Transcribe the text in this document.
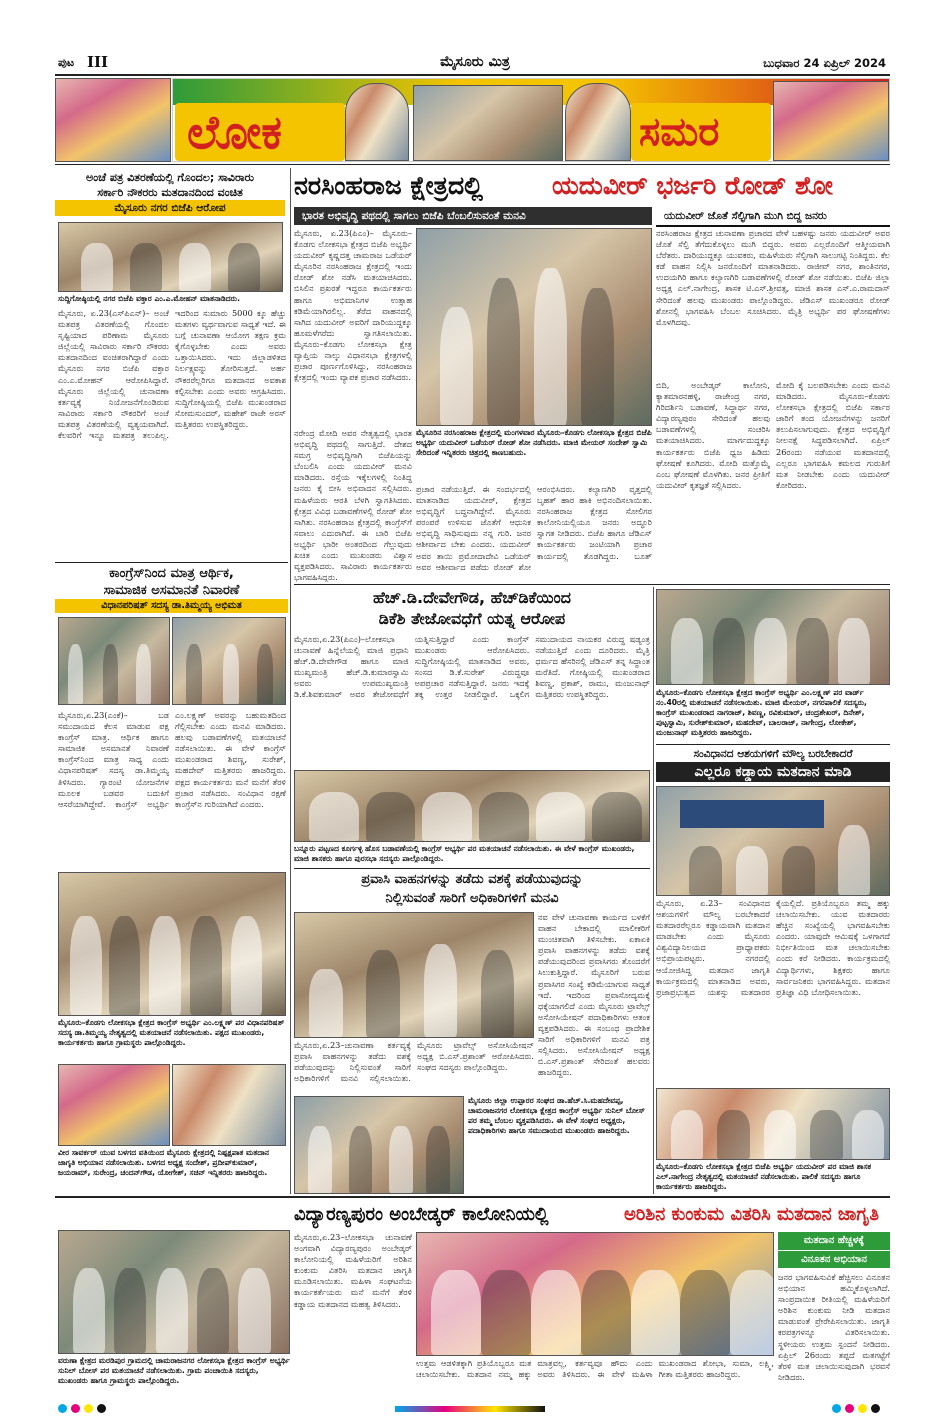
ಪುಟ III	ಮೈಸೂರು ಮಿತ್ರ	ಬುಧವಾರ 24 ಏಪ್ರಿಲ್ 2024
ಲೋಕ	ಸಮರ
ಅಂಚೆ ಪತ್ರ ವಿತರಣೆಯಲ್ಲಿ ಗೊಂದಲ; ಸಾವಿರಾರು
ಸರ್ಕಾರಿ ನೌಕರರು ಮತದಾನದಿಂದ ವಂಚಿತ
ಮೈಸೂರು ನಗರ ಬಿಜೆಪಿ ಆರೋಪ
ಸುದ್ದಿಗೋಷ್ಠಿಯಲ್ಲಿ ನಗರ ಬಿಜೆಪಿ ವಕ್ತಾರ ಎಂ.ಎ.ಮೋಹನ್ ಮಾತನಾಡಿದರು.
ಮೈಸೂರು, ಏ.23(ಎಸ್‌ಪಿಎನ್)– ಅಂಚೆ ಮತಪತ್ರ ವಿತರಣೆಯಲ್ಲಿ ಗೊಂದಲ ಸೃಷ್ಟಿಯಾದ ಪರಿಣಾಮ ಮೈಸೂರು ಜಿಲ್ಲೆಯಲ್ಲಿ ಸಾವಿರಾರು ಸರ್ಕಾರಿ ನೌಕರರು ಮತದಾನದಿಂದ ವಂಚಿತರಾಗಿದ್ದಾರೆ ಎಂದು ಮೈಸೂರು ನಗರ ಬಿಜೆಪಿ ವಕ್ತಾರ ಎಂ.ಎ.ಮೋಹನ್ ಆರೋಪಿಸಿದ್ದಾರೆ. ಮೈಸೂರು ಜಿಲ್ಲೆಯಲ್ಲಿ ಚುನಾವಣಾ ಕರ್ತವ್ಯಕ್ಕೆ ನಿಯೋಜನೆಗೊಂಡಿರುವ ಸಾವಿರಾರು ಸರ್ಕಾರಿ ನೌಕರರಿಗೆ ಅಂಚೆ ಮತಪತ್ರ ವಿತರಣೆಯಲ್ಲಿ ವ್ಯತ್ಯಯವಾಗಿದೆ. ಕೆಲವರಿಗೆ ಇನ್ನೂ ಮತಪತ್ರ ತಲುಪಿಲ್ಲ. ಇದರಿಂದ ಸುಮಾರು 5000 ಕ್ಕೂ ಹೆಚ್ಚು ಮತಗಳು ವ್ಯರ್ಥವಾಗುವ ಸಾಧ್ಯತೆ ಇದೆ. ಈ ಬಗ್ಗೆ ಚುನಾವಣಾ ಆಯೋಗ ತಕ್ಷಣ ಕ್ರಮ ಕೈಗೊಳ್ಳಬೇಕು ಎಂದು ಅವರು ಒತ್ತಾಯಿಸಿದರು. ಇದು ಜಿಲ್ಲಾಡಳಿತದ ನಿರ್ಲಕ್ಷ್ಯವನ್ನು ತೋರಿಸುತ್ತದೆ. ಅರ್ಹ ನೌಕರರೆಲ್ಲರಿಗೂ ಮತದಾನದ ಅವಕಾಶ ಕಲ್ಪಿಸಬೇಕು ಎಂದು ಅವರು ಆಗ್ರಹಿಸಿದರು. ಸುದ್ದಿಗೋಷ್ಠಿಯಲ್ಲಿ ಬಿಜೆಪಿ ಮುಖಂಡರಾದ ಸೋಮಸುಂದರ್, ಮಹೇಶ್ ರಾಜೇ ಅರಸ್ ಮತ್ತಿತರರು ಉಪಸ್ಥಿತರಿದ್ದರು.
ಕಾಂಗ್ರೆಸ್‌ನಿಂದ ಮಾತ್ರ ಆರ್ಥಿಕ,
ಸಾಮಾಜಿಕ ಅಸಮಾನತೆ ನಿವಾರಣೆ
ವಿಧಾನಪರಿಷತ್ ಸದಸ್ಯ ಡಾ.ತಿಮ್ಮಯ್ಯ ಅಭಿಮತ
ಮೈಸೂರು,ಏ.23(ಎಂಕೆ)– ಬಡ ಸಮುದಾಯದ ಕೆಲಸ ಮಾಡುವ ಪಕ್ಷ ಕಾಂಗ್ರೆಸ್ ಮಾತ್ರ. ಆರ್ಥಿಕ ಹಾಗೂ ಸಾಮಾಜಿಕ ಅಸಮಾನತೆ ನಿವಾರಣೆ ಕಾಂಗ್ರೆಸ್‌ನಿಂದ ಮಾತ್ರ ಸಾಧ್ಯ ಎಂದು ವಿಧಾನಪರಿಷತ್ ಸದಸ್ಯ ಡಾ.ತಿಮ್ಮಯ್ಯ ತಿಳಿಸಿದರು. ಗ್ಯಾರಂಟಿ ಯೋಜನೆಗಳ ಮೂಲಕ ಬಡವರ ಬದುಕಿಗೆ ಆಸರೆಯಾಗಿದ್ದೇವೆ. ಕಾಂಗ್ರೆಸ್ ಅಭ್ಯರ್ಥಿ ಎಂ.ಲಕ್ಷ್ಮಣ್ ಅವರನ್ನು ಬಹುಮತದಿಂದ ಗೆಲ್ಲಿಸಬೇಕು ಎಂದು ಮನವಿ ಮಾಡಿದರು. ಹಲವು ಬಡಾವಣೆಗಳಲ್ಲಿ ಮತಯಾಚನೆ ನಡೆಸಲಾಯಿತು. ಈ ವೇಳೆ ಕಾಂಗ್ರೆಸ್ ಮುಖಂಡರಾದ ಶಿವಣ್ಣ, ಸುರೇಶ್, ಮಹದೇವ್ ಮತ್ತಿತರರು ಹಾಜರಿದ್ದರು. ಪಕ್ಷದ ಕಾರ್ಯಕರ್ತರು ಮನೆ ಮನೆಗೆ ತೆರಳಿ ಪ್ರಚಾರ ನಡೆಸಿದರು. ಸಂವಿಧಾನ ರಕ್ಷಣೆ ಕಾಂಗ್ರೆಸ್‌ನ ಗುರಿಯಾಗಿದೆ ಎಂದರು.
ಮೈಸೂರು–ಕೊಡಗು ಲೋಕಸಭಾ ಕ್ಷೇತ್ರದ ಕಾಂಗ್ರೆಸ್ ಅಭ್ಯರ್ಥಿ ಎಂ.ಲಕ್ಷ್ಮಣ್ ಪರ ವಿಧಾನಪರಿಷತ್ ಸದಸ್ಯ ಡಾ.ತಿಮ್ಮಯ್ಯ ನೇತೃತ್ವದಲ್ಲಿ ಮತಯಾಚನೆ ನಡೆಸಲಾಯಿತು. ಪಕ್ಷದ ಮುಖಂಡರು, ಕಾರ್ಯಕರ್ತರು ಹಾಗೂ ಗ್ರಾಮಸ್ಥರು ಪಾಲ್ಗೊಂಡಿದ್ದರು.
ವೀರ ಸಾವರ್ಕರ್ ಯುವ ಬಳಗದ ವತಿಯಿಂದ ಮೈಸೂರು ಕ್ಷೇತ್ರದಲ್ಲಿ ನಿಷ್ಪಕ್ಷಪಾತ ಮತದಾನ ಜಾಗೃತಿ ಅಭಿಯಾನ ನಡೆಸಲಾಯಿತು. ಬಳಗದ ಅಧ್ಯಕ್ಷ ಸಂದೇಶ್, ಪ್ರದೀಪ್‌ಕುಮಾರ್, ಜಯರಾಮ್, ಸುರೇಂದ್ರ, ಚಂದನ್‌ಗೌಡ, ಯೋಗೇಶ್, ಸಚಿನ್ ಇನ್ನಿತರರು ಹಾಜರಿದ್ದರು.
ನರಸಿಂಹರಾಜ ಕ್ಷೇತ್ರದಲ್ಲಿ	ಯದುವೀರ್ ಭರ್ಜರಿ ರೋಡ್ ಶೋ
ಭಾರತ ಅಭಿವೃದ್ಧಿ ಪಥದಲ್ಲಿ ಸಾಗಲು ಬಿಜೆಪಿ ಬೆಂಬಲಿಸುವಂತೆ ಮನವಿ	ಯದುವೀರ್ ಜೊತೆ ಸೆಲ್ಫಿಗಾಗಿ ಮುಗಿ ಬಿದ್ದ ಜನರು
ಮೈಸೂರು, ಏ.23(ಪಿಎಂ)– ಮೈಸೂರು–ಕೊಡಗು ಲೋಕಸಭಾ ಕ್ಷೇತ್ರದ ಬಿಜೆಪಿ ಅಭ್ಯರ್ಥಿ ಯದುವೀರ್ ಕೃಷ್ಣದತ್ತ ಚಾಮರಾಜ ಒಡೆಯರ್ ಮೈಸೂರಿನ ನರಸಿಂಹರಾಜ ಕ್ಷೇತ್ರದಲ್ಲಿ ಇಂದು ರೋಡ್ ಶೋ ನಡೆಸಿ ಮತಯಾಚಿಸಿದರು. ಬಿಸಿಲಿನ ಪ್ರಖರತೆ ಇದ್ದರೂ ಕಾರ್ಯಕರ್ತರು ಹಾಗೂ ಅಭಿಮಾನಿಗಳ ಉತ್ಸಾಹ ಕಡಿಮೆಯಾಗಿರಲಿಲ್ಲ. ತೆರೆದ ವಾಹನದಲ್ಲಿ ಸಾಗಿದ ಯದುವೀರ್ ಅವರಿಗೆ ದಾರಿಯುದ್ದಕ್ಕೂ ಹೂಮಳೆಗರೆದು ಸ್ವಾಗತಿಸಲಾಯಿತು. ಮೈಸೂರು–ಕೊಡಗು ಲೋಕಸಭಾ ಕ್ಷೇತ್ರ ವ್ಯಾಪ್ತಿಯ ನಾಲ್ಕು ವಿಧಾನಸಭಾ ಕ್ಷೇತ್ರಗಳಲ್ಲಿ ಪ್ರಚಾರ ಪೂರ್ಣಗೊಳಿಸಿದ್ದು, ನರಸಿಂಹರಾಜ ಕ್ಷೇತ್ರದಲ್ಲಿ ಇಂದು ವ್ಯಾಪಕ ಪ್ರಚಾರ ನಡೆಸಿದರು.
ಮೈಸೂರಿನ ನರಸಿಂಹರಾಜ ಕ್ಷೇತ್ರದಲ್ಲಿ ಮಂಗಳವಾರ ಮೈಸೂರು–ಕೊಡಗು ಲೋಕಸಭಾ ಕ್ಷೇತ್ರದ ಬಿಜೆಪಿ ಅಭ್ಯರ್ಥಿ ಯದುವೀರ್ ಒಡೆಯರ್ ರೋಡ್ ಶೋ ನಡೆಸಿದರು. ಮಾಜಿ ಮೇಯರ್ ಸಂದೇಶ್ ಸ್ವಾಮಿ ಸೇರಿದಂತೆ ಇನ್ನಿತರರು ಚಿತ್ರದಲ್ಲಿ ಕಾಣಬಹುದು.
ನರೇಂದ್ರ ಮೋದಿ ಅವರ ನೇತೃತ್ವದಲ್ಲಿ ಭಾರತ ಅಭಿವೃದ್ಧಿ ಪಥದಲ್ಲಿ ಸಾಗುತ್ತಿದೆ. ದೇಶದ ಸಮಗ್ರ ಅಭಿವೃದ್ಧಿಗಾಗಿ ಬಿಜೆಪಿಯನ್ನು ಬೆಂಬಲಿಸಿ ಎಂದು ಯದುವೀರ್ ಮನವಿ ಮಾಡಿದರು. ರಸ್ತೆಯ ಇಕ್ಕೆಲಗಳಲ್ಲಿ ನಿಂತಿದ್ದ ಜನರು ಕೈ ಬೀಸಿ ಅಭಿವಾದನ ಸಲ್ಲಿಸಿದರು. ಮಹಿಳೆಯರು ಆರತಿ ಬೆಳಗಿ ಸ್ವಾಗತಿಸಿದರು. ಕ್ಷೇತ್ರದ ವಿವಿಧ ಬಡಾವಣೆಗಳಲ್ಲಿ ರೋಡ್ ಶೋ ಸಾಗಿತು. ನರಸಿಂಹರಾಜ ಕ್ಷೇತ್ರದಲ್ಲಿ ಕಾಂಗ್ರೆಸ್‌ಗೆ ಸವಾಲು ಎದುರಾಗಿದೆ. ಈ ಬಾರಿ ಬಿಜೆಪಿ ಅಭ್ಯರ್ಥಿ ಭಾರೀ ಅಂತರದಿಂದ ಗೆಲ್ಲುವುದು ಖಚಿತ ಎಂದು ಮುಖಂಡರು ವಿಶ್ವಾಸ ವ್ಯಕ್ತಪಡಿಸಿದರು. ಸಾವಿರಾರು ಕಾರ್ಯಕರ್ತರು ಭಾಗವಹಿಸಿದ್ದರು.
ಪ್ರಚಾರ ನಡೆಯುತ್ತಿದೆ. ಈ ಸಂದರ್ಭದಲ್ಲಿ ಮಾತನಾಡಿದ ಯದುವೀರ್, ಕ್ಷೇತ್ರದ ಅಭಿವೃದ್ಧಿಗೆ ಬದ್ಧನಾಗಿದ್ದೇನೆ. ಮೈಸೂರು ಪರಂಪರೆ ಉಳಿಸುವ ಜೊತೆಗೆ ಆಧುನಿಕ ಅಭಿವೃದ್ಧಿ ಸಾಧಿಸುವುದು ನನ್ನ ಗುರಿ. ಜನರ ಆಶೀರ್ವಾದ ಬೇಕು ಎಂದರು. ಯದುವೀರ್ ಅವರ ತಾಯಿ ಪ್ರಮೋದಾದೇವಿ ಒಡೆಯರ್ ಅವರ ಆಶೀರ್ವಾದ ಪಡೆದು ರೋಡ್ ಶೋ ಆರಂಭಿಸಿದರು. ಕಲ್ಯಾಣಗಿರಿ ವೃತ್ತದಲ್ಲಿ ಬೃಹತ್ ಹಾರ ಹಾಕಿ ಅಭಿನಂದಿಸಲಾಯಿತು. ನರಸಿಂಹರಾಜ ಕ್ಷೇತ್ರದ ಸೋಲಿಗರ ಕಾಲೋನಿಯಲ್ಲಿಯೂ ಜನರು ಅದ್ಧೂರಿ ಸ್ವಾಗತ ನೀಡಿದರು. ಬಿಜೆಪಿ ಹಾಗೂ ಜೆಡಿಎಸ್ ಕಾರ್ಯಕರ್ತರು ಜಂಟಿಯಾಗಿ ಪ್ರಚಾರ ಕಾರ್ಯದಲ್ಲಿ ತೊಡಗಿದ್ದರು. ಬೂತ್
ನರಸಿಂಹರಾಜ ಕ್ಷೇತ್ರದ ಚುನಾವಣಾ ಪ್ರಚಾರದ ವೇಳೆ ಬಹಳಷ್ಟು ಜನರು ಯದುವೀರ್ ಅವರ ಜೊತೆ ಸೆಲ್ಫಿ ತೆಗೆದುಕೊಳ್ಳಲು ಮುಗಿ ಬಿದ್ದರು. ಅವರು ಎಲ್ಲರೊಂದಿಗೆ ಆತ್ಮೀಯವಾಗಿ ಬೆರೆತರು. ದಾರಿಯುದ್ದಕ್ಕೂ ಯುವಕರು, ಮಹಿಳೆಯರು ಸೆಲ್ಫಿಗಾಗಿ ಸಾಲುಗಟ್ಟಿ ನಿಂತಿದ್ದರು. ಕೆಲ ಕಡೆ ವಾಹನ ನಿಲ್ಲಿಸಿ ಜನರೊಂದಿಗೆ ಮಾತನಾಡಿದರು. ರಾಜೀವ್ ನಗರ, ಶಾಂತಿನಗರ, ಉದಯಗಿರಿ ಹಾಗೂ ಕಲ್ಯಾಣಗಿರಿ ಬಡಾವಣೆಗಳಲ್ಲಿ ರೋಡ್ ಶೋ ನಡೆಯಿತು. ಬಿಜೆಪಿ ಜಿಲ್ಲಾ ಅಧ್ಯಕ್ಷ ಎಲ್.ನಾಗೇಂದ್ರ, ಶಾಸಕ ಟಿ.ಎಸ್.ಶ್ರೀವತ್ಸ, ಮಾಜಿ ಶಾಸಕ ಎಸ್.ಎ.ರಾಮದಾಸ್ ಸೇರಿದಂತೆ ಹಲವು ಮುಖಂಡರು ಪಾಲ್ಗೊಂಡಿದ್ದರು. ಜೆಡಿಎಸ್ ಮುಖಂಡರೂ ರೋಡ್ ಶೋನಲ್ಲಿ ಭಾಗವಹಿಸಿ ಬೆಂಬಲ ಸೂಚಿಸಿದರು. ಮೈತ್ರಿ ಅಭ್ಯರ್ಥಿ ಪರ ಘೋಷಣೆಗಳು ಮೊಳಗಿದವು.
ಬಿದಿ, ಅಂಬೇಡ್ಕರ್ ಕಾಲೋನಿ, ಕ್ಯಾತಮಾರನಹಳ್ಳಿ, ರಾಜೇಂದ್ರ ನಗರ, ಗಿರಿದರ್ಶಿನಿ ಬಡಾವಣೆ, ಸಿದ್ಧಾರ್ಥ ನಗರ, ವಿದ್ಯಾರಣ್ಯಪುರಂ ಸೇರಿದಂತೆ ಹಲವು ಬಡಾವಣೆಗಳಲ್ಲಿ ಸಂಚರಿಸಿ ಮತಯಾಚಿಸಿದರು. ಮಾರ್ಗದುದ್ದಕ್ಕೂ ಕಾರ್ಯಕರ್ತರು ಬಿಜೆಪಿ ಧ್ವಜ ಹಿಡಿದು ಘೋಷಣೆ ಕೂಗಿದರು. ಮೋದಿ ಮತ್ತೊಮ್ಮೆ ಎಂಬ ಘೋಷಣೆ ಮೊಳಗಿತು. ಜನರ ಪ್ರೀತಿಗೆ ಯದುವೀರ್ ಕೃತಜ್ಞತೆ ಸಲ್ಲಿಸಿದರು.
ಮೋದಿ ಕೈ ಬಲಪಡಿಸಬೇಕು ಎಂದು ಮನವಿ ಮಾಡಿದರು. ಮೈಸೂರು–ಕೊಡಗು ಲೋಕಸಭಾ ಕ್ಷೇತ್ರದಲ್ಲಿ ಬಿಜೆಪಿ ಸರ್ಕಾರ ಜಾರಿಗೆ ತಂದ ಯೋಜನೆಗಳನ್ನು ಜನರಿಗೆ ತಲುಪಿಸಲಾಗುವುದು. ಕ್ಷೇತ್ರದ ಅಭಿವೃದ್ಧಿಗೆ ನೀಲನಕ್ಷೆ ಸಿದ್ಧಪಡಿಸಲಾಗಿದೆ. ಏಪ್ರಿಲ್ 26ರಂದು ನಡೆಯುವ ಮತದಾನದಲ್ಲಿ ಎಲ್ಲರೂ ಭಾಗವಹಿಸಿ ಕಮಲದ ಗುರುತಿಗೆ ಮತ ನೀಡಬೇಕು ಎಂದು ಯದುವೀರ್ ಕೋರಿದರು.
ಹೆಚ್.ಡಿ.ದೇವೇಗೌಡ, ಹೆಚ್‌ಡಿಕೆಯಿಂದ
ಡಿಕೆಶಿ ತೇಜೋವಧೆಗೆ ಯತ್ನ ಆರೋಪ
ಮೈಸೂರು,ಏ.23(ಪಿಎಂ)–ಲೋಕಸಭಾ ಚುನಾವಣೆ ಹಿನ್ನೆಲೆಯಲ್ಲಿ ಮಾಜಿ ಪ್ರಧಾನಿ ಹೆಚ್.ಡಿ.ದೇವೇಗೌಡ ಹಾಗೂ ಮಾಜಿ ಮುಖ್ಯಮಂತ್ರಿ ಹೆಚ್.ಡಿ.ಕುಮಾರಸ್ವಾಮಿ ಅವರು ಉಪಮುಖ್ಯಮಂತ್ರಿ ಡಿ.ಕೆ.ಶಿವಕುಮಾರ್ ಅವರ ತೇಜೋವಧೆಗೆ ಯತ್ನಿಸುತ್ತಿದ್ದಾರೆ ಎಂದು ಕಾಂಗ್ರೆಸ್ ಮುಖಂಡರು ಆರೋಪಿಸಿದರು. ಸುದ್ದಿಗೋಷ್ಠಿಯಲ್ಲಿ ಮಾತನಾಡಿದ ಅವರು, ಸಂಸದ ಡಿ.ಕೆ.ಸುರೇಶ್ ವಿರುದ್ಧವೂ ಅಪಪ್ರಚಾರ ನಡೆಸುತ್ತಿದ್ದಾರೆ. ಜನರು ಇದಕ್ಕೆ ತಕ್ಕ ಉತ್ತರ ನೀಡಲಿದ್ದಾರೆ. ಒಕ್ಕಲಿಗ ಸಮುದಾಯದ ನಾಯಕರ ವಿರುದ್ಧ ಷಡ್ಯಂತ್ರ ನಡೆಯುತ್ತಿದೆ ಎಂದು ದೂರಿದರು. ಮೈತ್ರಿ ಧರ್ಮದ ಹೆಸರಿನಲ್ಲಿ ಜೆಡಿಎಸ್ ತನ್ನ ಸಿದ್ಧಾಂತ ಮರೆತಿದೆ. ಗೋಷ್ಠಿಯಲ್ಲಿ ಮುಖಂಡರಾದ ಶಿವಣ್ಣ, ಪ್ರಕಾಶ್, ರಾಮು, ಮಂಜುನಾಥ್ ಮತ್ತಿತರರು ಉಪಸ್ಥಿತರಿದ್ದರು.
ಬನ್ನೂರು ಪಟ್ಟಣದ ಕೂರ್ಗಳ್ಳಿ ಹೊಸ ಬಡಾವಣೆಯಲ್ಲಿ ಕಾಂಗ್ರೆಸ್ ಅಭ್ಯರ್ಥಿ ಪರ ಮತಯಾಚನೆ ನಡೆಸಲಾಯಿತು. ಈ ವೇಳೆ ಕಾಂಗ್ರೆಸ್ ಮುಖಂಡರು, ಮಾಜಿ ಶಾಸಕರು ಹಾಗೂ ಪುರಸಭಾ ಸದಸ್ಯರು ಪಾಲ್ಗೊಂಡಿದ್ದರು.
ಮೈಸೂರು–ಕೊಡಗು ಲೋಕಸಭಾ ಕ್ಷೇತ್ರದ ಕಾಂಗ್ರೆಸ್ ಅಭ್ಯರ್ಥಿ ಎಂ.ಲಕ್ಷ್ಮಣ್ ಪರ ವಾರ್ಡ್ ನಂ.40ರಲ್ಲಿ ಮತಯಾಚನೆ ನಡೆಸಲಾಯಿತು. ಮಾಜಿ ಮೇಯರ್, ನಗರಪಾಲಿಕೆ ಸದಸ್ಯರು, ಕಾಂಗ್ರೆಸ್ ಮುಖಂಡರಾದ ನಾಗರಾಜ್, ಶಿವಣ್ಣ, ರವಿಕುಮಾರ್, ಚಂದ್ರಶೇಖರ್, ದಿನೇಶ್, ಪುಟ್ಟಸ್ವಾಮಿ, ಸುರೇಶ್‌ಕುಮಾರ್, ಮಹದೇವ್, ಬಾಲರಾಜ್, ನಾಗೇಂದ್ರ, ಲೋಕೇಶ್, ಮಂಜುನಾಥ್ ಮತ್ತಿತರರು ಹಾಜರಿದ್ದರು.
ಸಂವಿಧಾನದ ಆಶಯಗಳಿಗೆ ಮೌಲ್ಯ ಬರಬೇಕಾದರೆ
ಎಲ್ಲರೂ ಕಡ್ಡಾಯ ಮತದಾನ ಮಾಡಿ
ಮೈಸೂರು, ಏ.23– ಸಂವಿಧಾನದ ಆಶಯಗಳಿಗೆ ಮೌಲ್ಯ ಬರಬೇಕಾದರೆ ಮತದಾರರೆಲ್ಲರೂ ಕಡ್ಡಾಯವಾಗಿ ಮತದಾನ ಮಾಡಬೇಕು ಎಂದು ಮೈಸೂರು ವಿಶ್ವವಿದ್ಯಾನಿಲಯದ ಪ್ರಾಧ್ಯಾಪಕರು ಅಭಿಪ್ರಾಯಪಟ್ಟರು. ನಗರದಲ್ಲಿ ಆಯೋಜಿಸಿದ್ದ ಮತದಾನ ಜಾಗೃತಿ ಕಾರ್ಯಕ್ರಮದಲ್ಲಿ ಮಾತನಾಡಿದ ಅವರು, ಪ್ರಜಾಪ್ರಭುತ್ವದ ಯಶಸ್ಸು ಮತದಾರರ ಕೈಯಲ್ಲಿದೆ. ಪ್ರತಿಯೊಬ್ಬರೂ ತಮ್ಮ ಹಕ್ಕು ಚಲಾಯಿಸಬೇಕು. ಯುವ ಮತದಾರರು ಹೆಚ್ಚಿನ ಸಂಖ್ಯೆಯಲ್ಲಿ ಭಾಗವಹಿಸಬೇಕು ಎಂದರು. ಯಾವುದೇ ಆಮಿಷಕ್ಕೆ ಒಳಗಾಗದೆ ನಿರ್ಭೀತಿಯಿಂದ ಮತ ಚಲಾಯಿಸಬೇಕು ಎಂದು ಕರೆ ನೀಡಿದರು. ಕಾರ್ಯಕ್ರಮದಲ್ಲಿ ವಿದ್ಯಾರ್ಥಿಗಳು, ಶಿಕ್ಷಕರು ಹಾಗೂ ಸಾರ್ವಜನಿಕರು ಭಾಗವಹಿಸಿದ್ದರು. ಮತದಾನ ಪ್ರತಿಜ್ಞಾ ವಿಧಿ ಬೋಧಿಸಲಾಯಿತು.
ಮೈಸೂರು–ಕೊಡಗು ಲೋಕಸಭಾ ಕ್ಷೇತ್ರದ ಬಿಜೆಪಿ ಅಭ್ಯರ್ಥಿ ಯದುವೀರ್ ಪರ ಮಾಜಿ ಶಾಸಕ ಎಲ್.ನಾಗೇಂದ್ರ ನೇತೃತ್ವದಲ್ಲಿ ಮತಯಾಚನೆ ನಡೆಸಲಾಯಿತು. ಪಾಲಿಕೆ ಸದಸ್ಯರು ಹಾಗೂ ಕಾರ್ಯಕರ್ತರು ಹಾಜರಿದ್ದರು.
ಪ್ರವಾಸಿ ವಾಹನಗಳನ್ನು ತಡೆದು ವಶಕ್ಕೆ ಪಡೆಯುವುದನ್ನು
ನಿಲ್ಲಿಸುವಂತೆ ಸಾರಿಗೆ ಅಧಿಕಾರಿಗಳಿಗೆ ಮನವಿ
ನವ ವೇಳೆ ಚುನಾವಣಾ ಕಾರ್ಯದ ಬಳಕೆಗೆ ವಾಹನ ಬೇಕಾದಲ್ಲಿ ಮಾಲೀಕರಿಗೆ ಮುಂಚಿತವಾಗಿ ತಿಳಿಸಬೇಕು. ಏಕಾಏಕಿ ಪ್ರವಾಸಿ ವಾಹನಗಳನ್ನು ತಡೆದು ವಶಕ್ಕೆ ಪಡೆಯುವುದರಿಂದ ಪ್ರವಾಸಿಗರು ತೊಂದರೆಗೆ ಸಿಲುಕುತ್ತಿದ್ದಾರೆ. ಮೈಸೂರಿಗೆ ಬರುವ ಪ್ರವಾಸಿಗರ ಸಂಖ್ಯೆ ಕಡಿಮೆಯಾಗುವ ಸಾಧ್ಯತೆ ಇದೆ. ಇದರಿಂದ ಪ್ರವಾಸೋದ್ಯಮಕ್ಕೆ ಧಕ್ಕೆಯಾಗಲಿದೆ ಎಂದು ಮೈಸೂರು ಟ್ರಾವೆಲ್ಸ್ ಅಸೋಸಿಯೇಷನ್ ಪದಾಧಿಕಾರಿಗಳು ಆತಂಕ ವ್ಯಕ್ತಪಡಿಸಿದರು. ಈ ಸಂಬಂಧ ಪ್ರಾದೇಶಿಕ ಸಾರಿಗೆ ಅಧಿಕಾರಿಗಳಿಗೆ ಮನವಿ ಪತ್ರ ಸಲ್ಲಿಸಿದರು. ಅಸೋಸಿಯೇಷನ್ ಅಧ್ಯಕ್ಷ ಬಿ.ಎಸ್.ಪ್ರಶಾಂತ್ ಸೇರಿದಂತೆ ಹಲವರು ಹಾಜರಿದ್ದರು.
ಮೈಸೂರು,ಏ.23–ಚುನಾವಣಾ ಕರ್ತವ್ಯಕ್ಕೆ ಪ್ರವಾಸಿ ವಾಹನಗಳನ್ನು ತಡೆದು ವಶಕ್ಕೆ ಪಡೆಯುವುದನ್ನು ನಿಲ್ಲಿಸುವಂತೆ ಸಾರಿಗೆ ಅಧಿಕಾರಿಗಳಿಗೆ ಮನವಿ ಸಲ್ಲಿಸಲಾಯಿತು. ಮೈಸೂರು ಟ್ರಾವೆಲ್ಸ್ ಅಸೋಸಿಯೇಷನ್ ಅಧ್ಯಕ್ಷ ಬಿ.ಎಸ್.ಪ್ರಶಾಂತ್ ಆರೋಪಿಸಿದರು. ಸಂಘದ ಸದಸ್ಯರು ಪಾಲ್ಗೊಂಡಿದ್ದರು.
ಮೈಸೂರು ಜಿಲ್ಲಾ ಉಪ್ಪಾರರ ಸಂಘದ ಡಾ.ಹೆಚ್.ಸಿ.ಮಹದೇವಪ್ಪ, ಚಾಮರಾಜನಗರ ಲೋಕಸಭಾ ಕ್ಷೇತ್ರದ ಕಾಂಗ್ರೆಸ್ ಅಭ್ಯರ್ಥಿ ಸುನಿಲ್ ಬೋಸ್ ಪರ ತಮ್ಮ ಬೆಂಬಲ ವ್ಯಕ್ತಪಡಿಸಿದರು. ಈ ವೇಳೆ ಸಂಘದ ಅಧ್ಯಕ್ಷರು, ಪದಾಧಿಕಾರಿಗಳು ಹಾಗೂ ಸಮುದಾಯದ ಮುಖಂಡರು ಹಾಜರಿದ್ದರು.
ವರುಣಾ ಕ್ಷೇತ್ರದ ಮರಡಿಪುರ ಗ್ರಾಮದಲ್ಲಿ ಚಾಮರಾಜನಗರ ಲೋಕಸಭಾ ಕ್ಷೇತ್ರದ ಕಾಂಗ್ರೆಸ್ ಅಭ್ಯರ್ಥಿ ಸುನಿಲ್ ಬೋಸ್ ಪರ ಮತಯಾಚನೆ ನಡೆಸಲಾಯಿತು. ಗ್ರಾಮ ಪಂಚಾಯಿತಿ ಸದಸ್ಯರು, ಮುಖಂಡರು ಹಾಗೂ ಗ್ರಾಮಸ್ಥರು ಪಾಲ್ಗೊಂಡಿದ್ದರು.
ವಿದ್ಯಾರಣ್ಯಪುರಂ ಅಂಬೇಡ್ಕರ್ ಕಾಲೋನಿಯಲ್ಲಿ	ಅರಿಶಿನ ಕುಂಕುಮ ವಿತರಿಸಿ ಮತದಾನ ಜಾಗೃತಿ
ಮೈಸೂರು,ಏ.23–ಲೋಕಸಭಾ ಚುನಾವಣೆ ಅಂಗವಾಗಿ ವಿದ್ಯಾರಣ್ಯಪುರಂ ಅಂಬೇಡ್ಕರ್ ಕಾಲೋನಿಯಲ್ಲಿ ಮಹಿಳೆಯರಿಗೆ ಅರಿಶಿನ ಕುಂಕುಮ ವಿತರಿಸಿ ಮತದಾನ ಜಾಗೃತಿ ಮೂಡಿಸಲಾಯಿತು. ಮಹಿಳಾ ಸಂಘಟನೆಯ ಕಾರ್ಯಕರ್ತೆಯರು ಮನೆ ಮನೆಗೆ ತೆರಳಿ ಕಡ್ಡಾಯ ಮತದಾನದ ಮಹತ್ವ ತಿಳಿಸಿದರು.
ಉತ್ತಮ ಆಡಳಿತಕ್ಕಾಗಿ ಪ್ರತಿಯೊಬ್ಬರೂ ಮತ ಚಲಾಯಿಸಬೇಕು. ಮತದಾನ ನಮ್ಮ ಹಕ್ಕು ಮಾತ್ರವಲ್ಲ, ಕರ್ತವ್ಯವೂ ಹೌದು ಎಂದು ಅವರು ತಿಳಿಸಿದರು. ಈ ವೇಳೆ ಮಹಿಳಾ ಮುಖಂಡರಾದ ಶೋಭಾ, ಸುಮಾ, ಲಕ್ಷ್ಮಿ, ಗೀತಾ ಮತ್ತಿತರರು ಹಾಜರಿದ್ದರು.
ಮತದಾನ ಹೆಚ್ಚಳಕ್ಕೆ
ವಿನೂತನ ಅಭಿಯಾನ
ಜನರ ಭಾಗವಹಿಸುವಿಕೆ ಹೆಚ್ಚಿಸಲು ವಿನೂತನ ಅಭಿಯಾನ ಹಮ್ಮಿಕೊಳ್ಳಲಾಗಿದೆ. ಸಾಂಪ್ರದಾಯಿಕ ರೀತಿಯಲ್ಲಿ ಮಹಿಳೆಯರಿಗೆ ಅರಿಶಿನ ಕುಂಕುಮ ನೀಡಿ ಮತದಾನ ಮಾಡುವಂತೆ ಪ್ರೇರೇಪಿಸಲಾಯಿತು. ಜಾಗೃತಿ ಕರಪತ್ರಗಳನ್ನೂ ವಿತರಿಸಲಾಯಿತು. ಸ್ಥಳೀಯರು ಉತ್ತಮ ಸ್ಪಂದನೆ ನೀಡಿದರು. ಏಪ್ರಿಲ್ 26ರಂದು ತಪ್ಪದೆ ಮತಗಟ್ಟೆಗೆ ತೆರಳಿ ಮತ ಚಲಾಯಿಸುವುದಾಗಿ ಭರವಸೆ ನೀಡಿದರು.
